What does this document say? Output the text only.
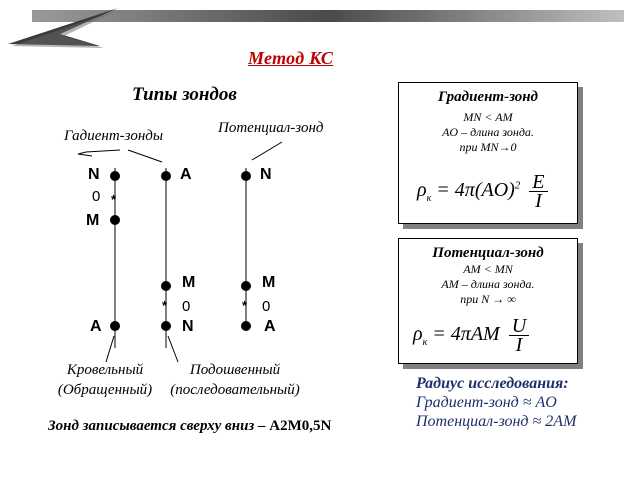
Метод КС
Типы зондов
Гадиент-зонды	Потенциал-зонд
*
*	*
N
0
M
A
A
M
0
N
N
M
0
A
Кровельный
(Обращенный)
Подошвенный
(последовательный)
Градиент-зонд
MN < AM
AO – длина зонда.
при MN→0
$\rho_к = 4\pi(AO)^2 \frac{E}{I}$
Потенциал-зонд
AM < MN
AM – длина зонда.
при N → ∞
$\rho_к = 4\pi AM \frac{U}{I}$
Радиус исследования:
Градиент-зонд ≈ AO
Потенциал-зонд ≈ 2AM
Зонд записывается сверху вниз – A2M0,5N
